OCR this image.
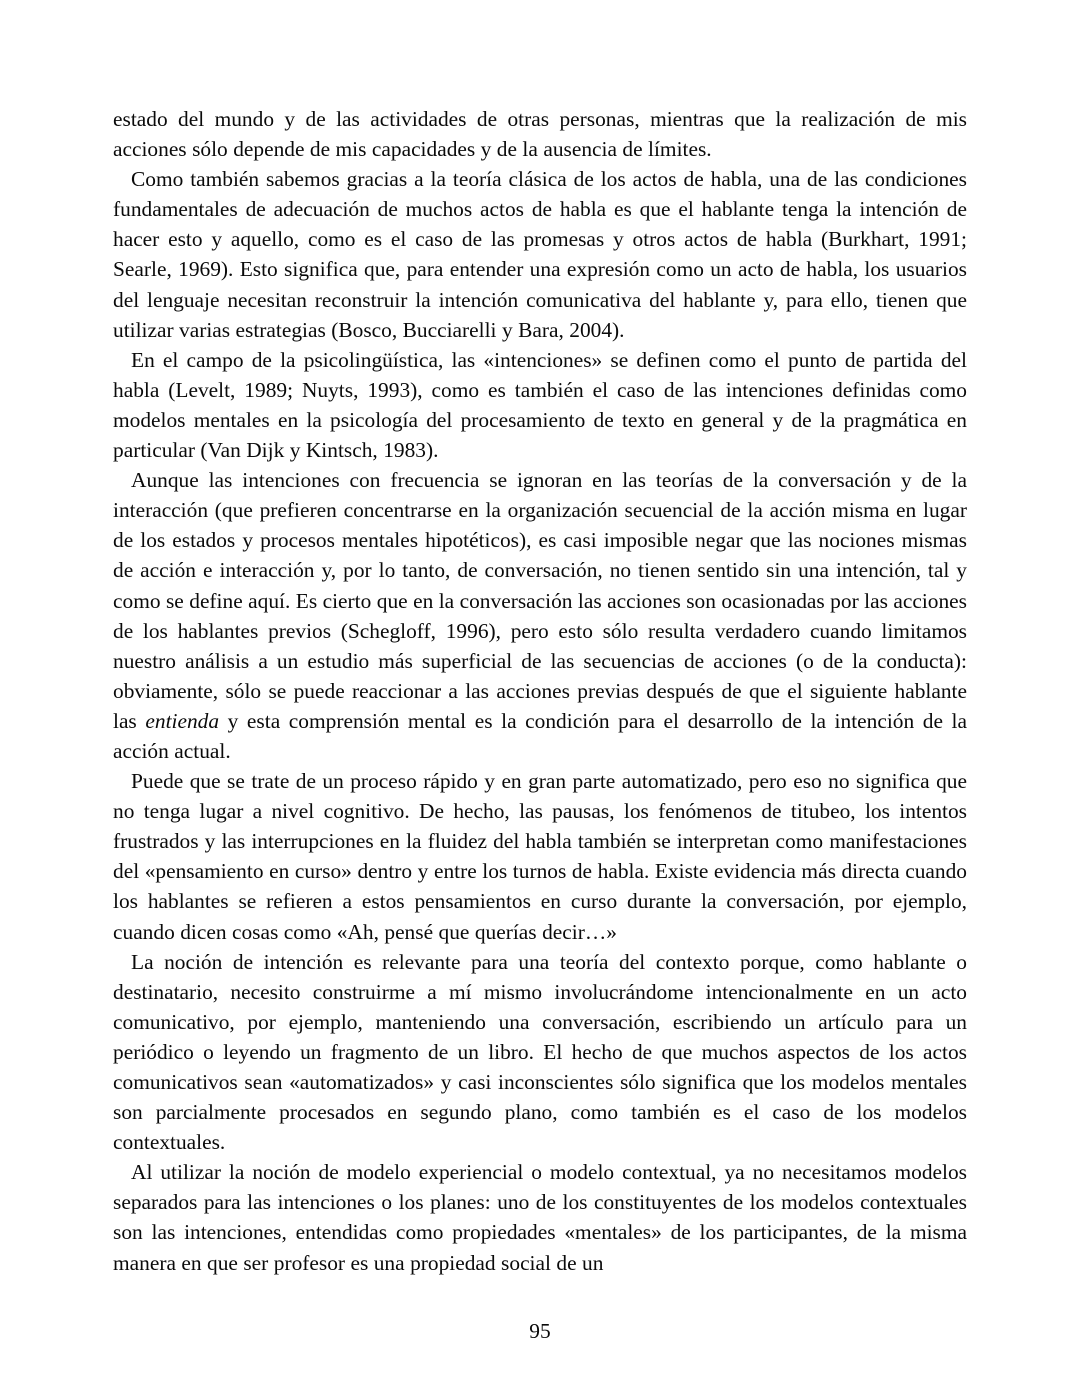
estado del mundo y de las actividades de otras personas, mientras que la realización de mis acciones sólo depende de mis capacidades y de la ausencia de límites.

Como también sabemos gracias a la teoría clásica de los actos de habla, una de las condiciones fundamentales de adecuación de muchos actos de habla es que el hablante tenga la intención de hacer esto y aquello, como es el caso de las promesas y otros actos de habla (Burkhart, 1991; Searle, 1969). Esto significa que, para entender una expresión como un acto de habla, los usuarios del lenguaje necesitan reconstruir la intención comunicativa del hablante y, para ello, tienen que utilizar varias estrategias (Bosco, Bucciarelli y Bara, 2004).

En el campo de la psicolingüística, las «intenciones» se definen como el punto de partida del habla (Levelt, 1989; Nuyts, 1993), como es también el caso de las intenciones definidas como modelos mentales en la psicología del procesamiento de texto en general y de la pragmática en particular (Van Dijk y Kintsch, 1983).

Aunque las intenciones con frecuencia se ignoran en las teorías de la conversación y de la interacción (que prefieren concentrarse en la organización secuencial de la acción misma en lugar de los estados y procesos mentales hipotéticos), es casi imposible negar que las nociones mismas de acción e interacción y, por lo tanto, de conversación, no tienen sentido sin una intención, tal y como se define aquí. Es cierto que en la conversación las acciones son ocasionadas por las acciones de los hablantes previos (Schegloff, 1996), pero esto sólo resulta verdadero cuando limitamos nuestro análisis a un estudio más superficial de las secuencias de acciones (o de la conducta): obviamente, sólo se puede reaccionar a las acciones previas después de que el siguiente hablante las entienda y esta comprensión mental es la condición para el desarrollo de la intención de la acción actual.

Puede que se trate de un proceso rápido y en gran parte automatizado, pero eso no significa que no tenga lugar a nivel cognitivo. De hecho, las pausas, los fenómenos de titubeo, los intentos frustrados y las interrupciones en la fluidez del habla también se interpretan como manifestaciones del «pensamiento en curso» dentro y entre los turnos de habla. Existe evidencia más directa cuando los hablantes se refieren a estos pensamientos en curso durante la conversación, por ejemplo, cuando dicen cosas como «Ah, pensé que querías decir…»

La noción de intención es relevante para una teoría del contexto porque, como hablante o destinatario, necesito construirme a mí mismo involucrándome intencionalmente en un acto comunicativo, por ejemplo, manteniendo una conversación, escribiendo un artículo para un periódico o leyendo un fragmento de un libro. El hecho de que muchos aspectos de los actos comunicativos sean «automatizados» y casi inconscientes sólo significa que los modelos mentales son parcialmente procesados en segundo plano, como también es el caso de los modelos contextuales.

Al utilizar la noción de modelo experiencial o modelo contextual, ya no necesitamos modelos separados para las intenciones o los planes: uno de los constituyentes de los modelos contextuales son las intenciones, entendidas como propiedades «mentales» de los participantes, de la misma manera en que ser profesor es una propiedad social de un

95
